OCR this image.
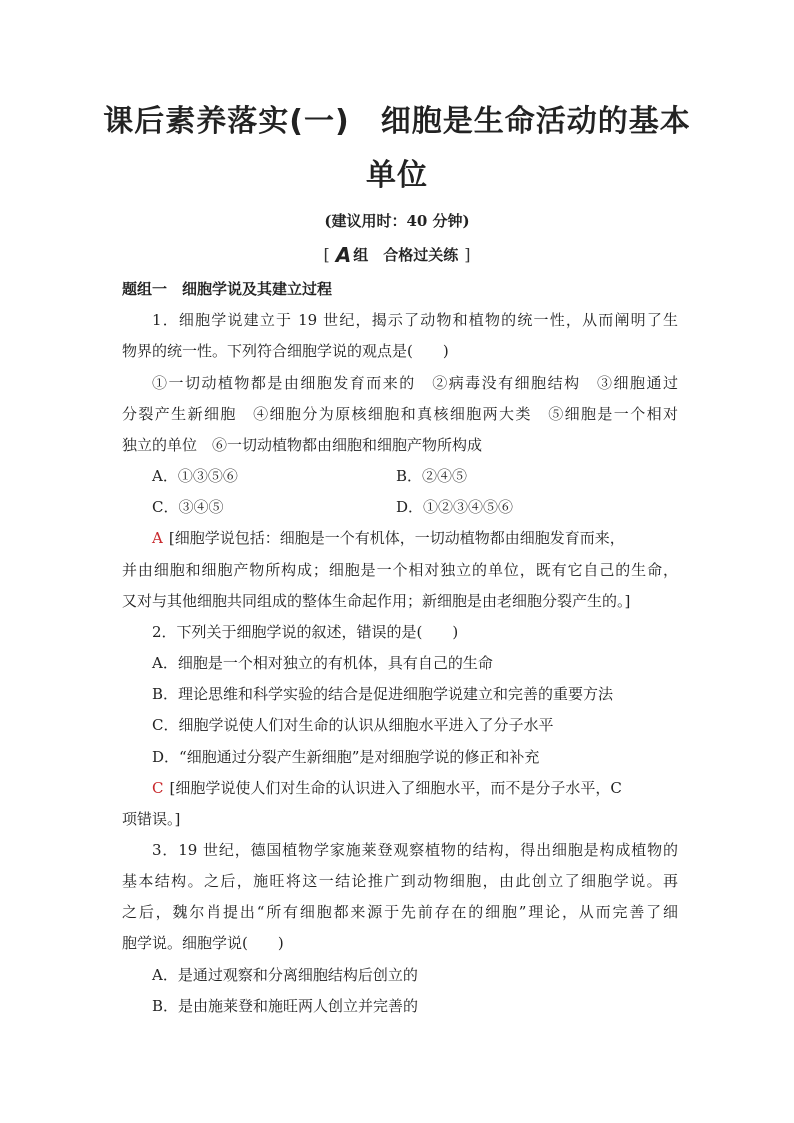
课后素养落实(一)　细胞是生命活动的基本
单位
(建议用时：40 分钟)
[ A 组　合格过关练 ]
题组一　细胞学说及其建立过程
1．细胞学说建立于 19 世纪，揭示了动物和植物的统一性，从而阐明了生
物界的统一性。下列符合细胞学说的观点是(　　)
①一切动植物都是由细胞发育而来的　②病毒没有细胞结构　③细胞通过
分裂产生新细胞　④细胞分为原核细胞和真核细胞两大类　⑤细胞是一个相对
独立的单位　⑥一切动植物都由细胞和细胞产物所构成
A．①③⑤⑥	B．②④⑤
C．③④⑤	D．①②③④⑤⑥
A [细胞学说包括：细胞是一个有机体，一切动植物都由细胞发育而来，
并由细胞和细胞产物所构成；细胞是一个相对独立的单位，既有它自己的生命，
又对与其他细胞共同组成的整体生命起作用；新细胞是由老细胞分裂产生的。]
2．下列关于细胞学说的叙述，错误的是(　　)
A．细胞是一个相对独立的有机体，具有自己的生命
B．理论思维和科学实验的结合是促进细胞学说建立和完善的重要方法
C．细胞学说使人们对生命的认识从细胞水平进入了分子水平
D．“细胞通过分裂产生新细胞”是对细胞学说的修正和补充
C [细胞学说使人们对生命的认识进入了细胞水平，而不是分子水平，C
项错误。]
3．19 世纪，德国植物学家施莱登观察植物的结构，得出细胞是构成植物的
基本结构。之后，施旺将这一结论推广到动物细胞，由此创立了细胞学说。再
之后，魏尔肖提出“所有细胞都来源于先前存在的细胞”理论，从而完善了细
胞学说。细胞学说(　　)
A．是通过观察和分离细胞结构后创立的
B．是由施莱登和施旺两人创立并完善的
